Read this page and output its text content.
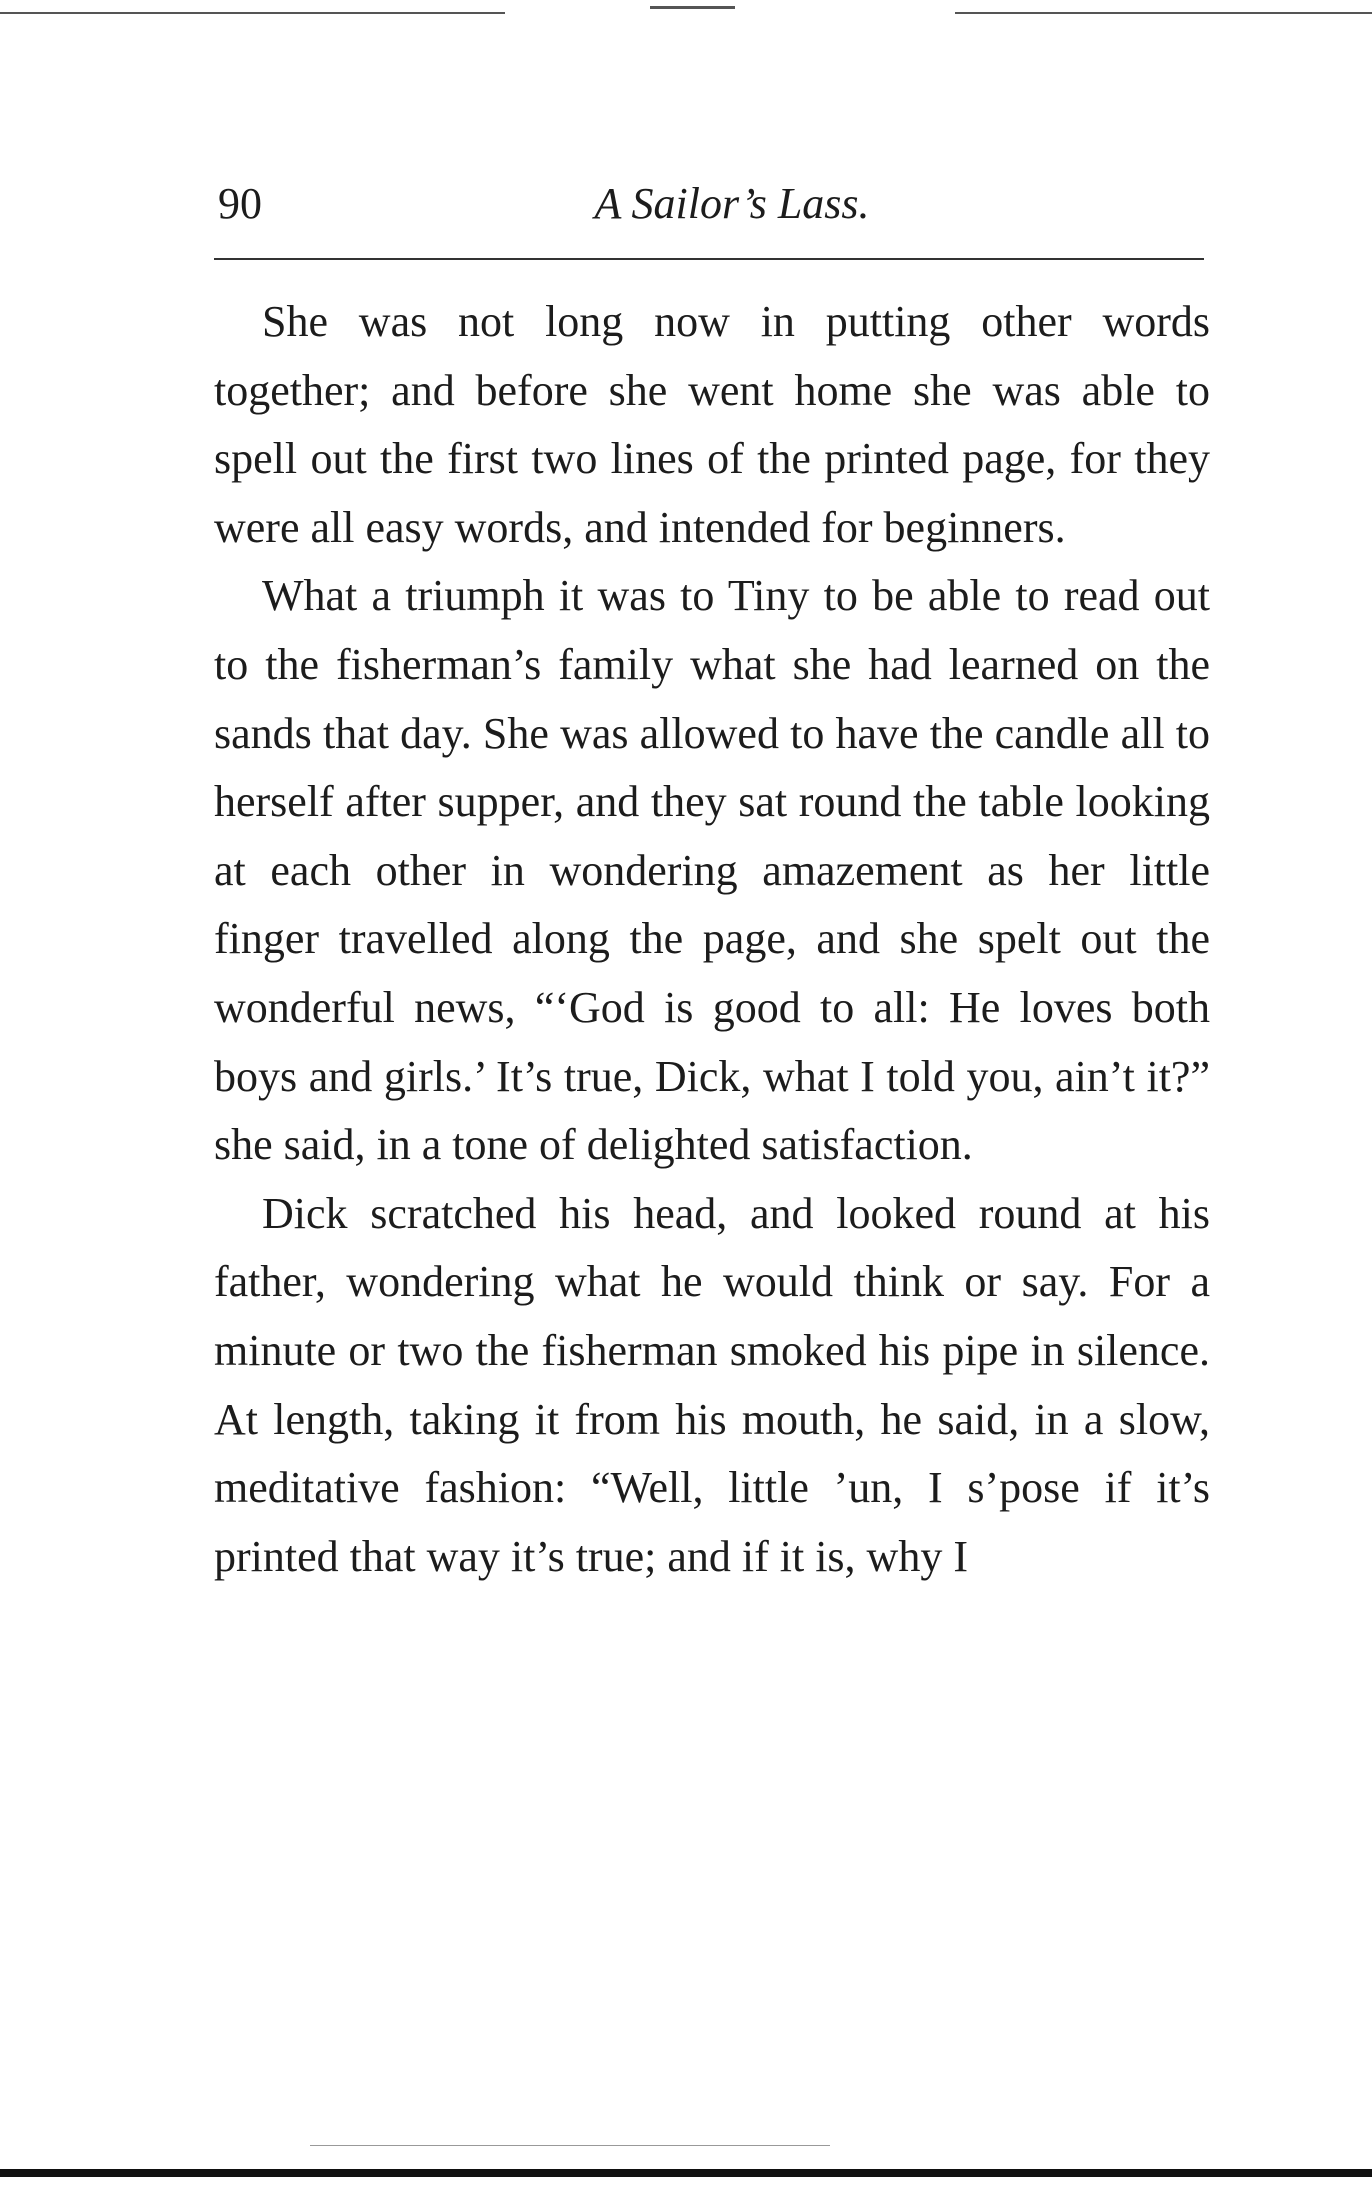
90	A Sailor’s Lass.

She was not long now in putting other words together; and before she went home she was able to spell out the first two lines of the printed page, for they were all easy words, and intended for beginners.

What a triumph it was to Tiny to be able to read out to the fisherman’s family what she had learned on the sands that day. She was allowed to have the candle all to herself after supper, and they sat round the table looking at each other in wondering amazement as her little finger travelled along the page, and she spelt out the wonderful news, “‘God is good to all: He loves both boys and girls.’ It’s true, Dick, what I told you, ain’t it?” she said, in a tone of delighted satisfaction.

Dick scratched his head, and looked round at his father, wondering what he would think or say. For a minute or two the fisherman smoked his pipe in silence. At length, taking it from his mouth, he said, in a slow, meditative fashion: “Well, little ’un, I s’pose if it’s printed that way it’s true; and if it is, why I
